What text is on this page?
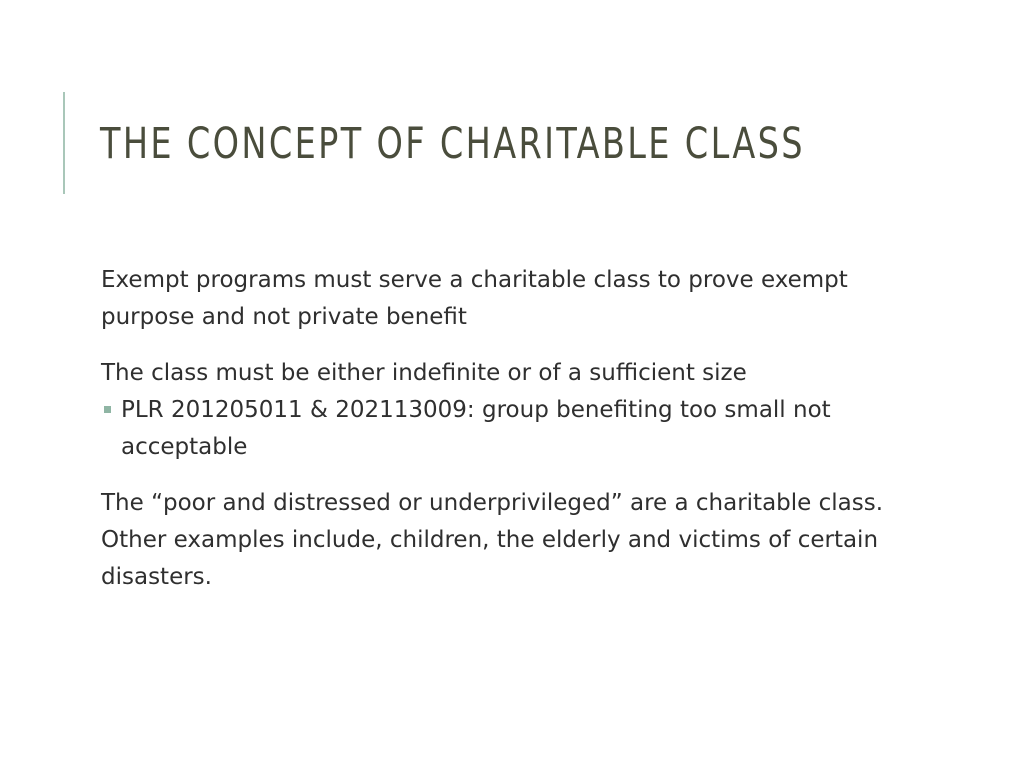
THE CONCEPT OF CHARITABLE CLASS

Exempt programs must serve a charitable class to prove exempt purpose and not private benefit

The class must be either indefinite or of a sufficient size

PLR 201205011 & 202113009: group benefiting too small not acceptable

The “poor and distressed or underprivileged” are a charitable class. Other examples include, children, the elderly and victims of certain disasters.
